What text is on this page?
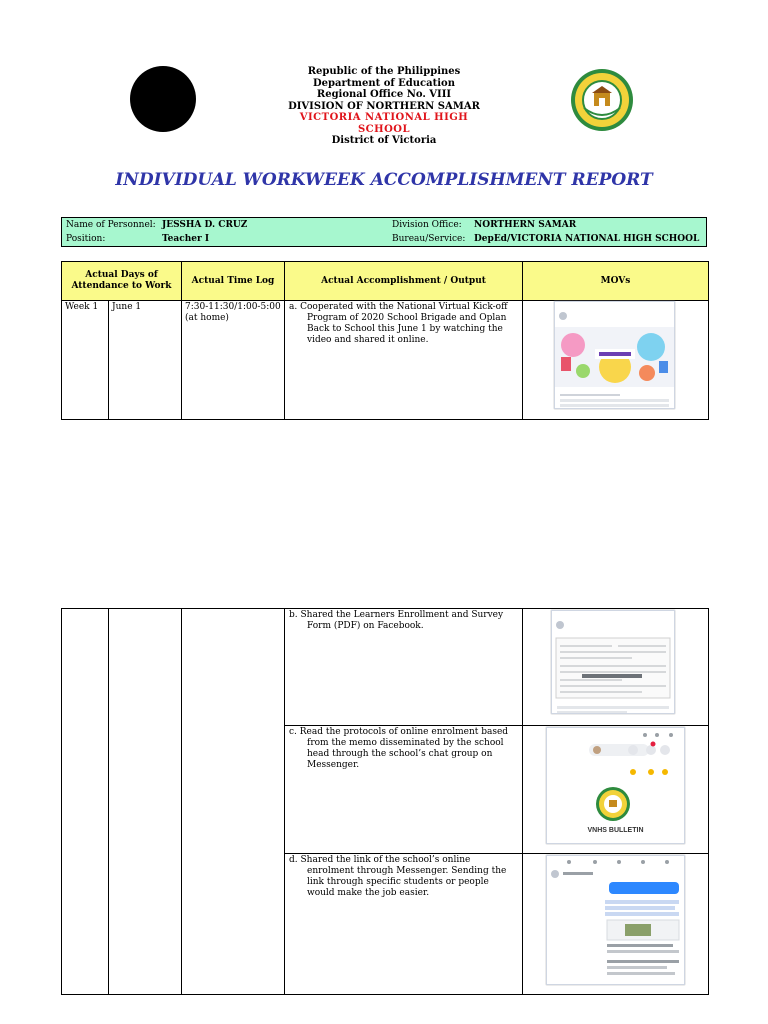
Republic of the Philippines
Department of Education
Regional Office No. VIII
DIVISION OF NORTHERN SAMAR
VICTORIA NATIONAL HIGH
SCHOOL
District of Victoria
INDIVIDUAL WORKWEEK ACCOMPLISHMENT REPORT
Name of Personnel: JESSHA D. CRUZ
Position:	Teacher I
Division Office: NORTHERN SAMAR
Bureau/Service: DepEd/VICTORIA NATIONAL HIGH SCHOOL
Actual Days of Attendance to Work		Actual Time Log	Actual Accomplishment / Output	MOVs
Week 1	June 1	7:30-11:30/1:00-5:00 (at home)	a. Cooperated with the National Virtual Kick-off Program of 2020 School Brigade and Oplan Back to School this June 1 by watching the video and shared it online.	

			b. Shared the Learners Enrollment and Survey Form (PDF) on Facebook.	

			c. Read the protocols of online enrolment based from the memo disseminated by the school head through the school’s chat group on Messenger.	

			d. Shared the link of the school’s online enrolment through Messenger. Sending the link through specific students or people would make the job easier.	

VNHS BULLETIN
